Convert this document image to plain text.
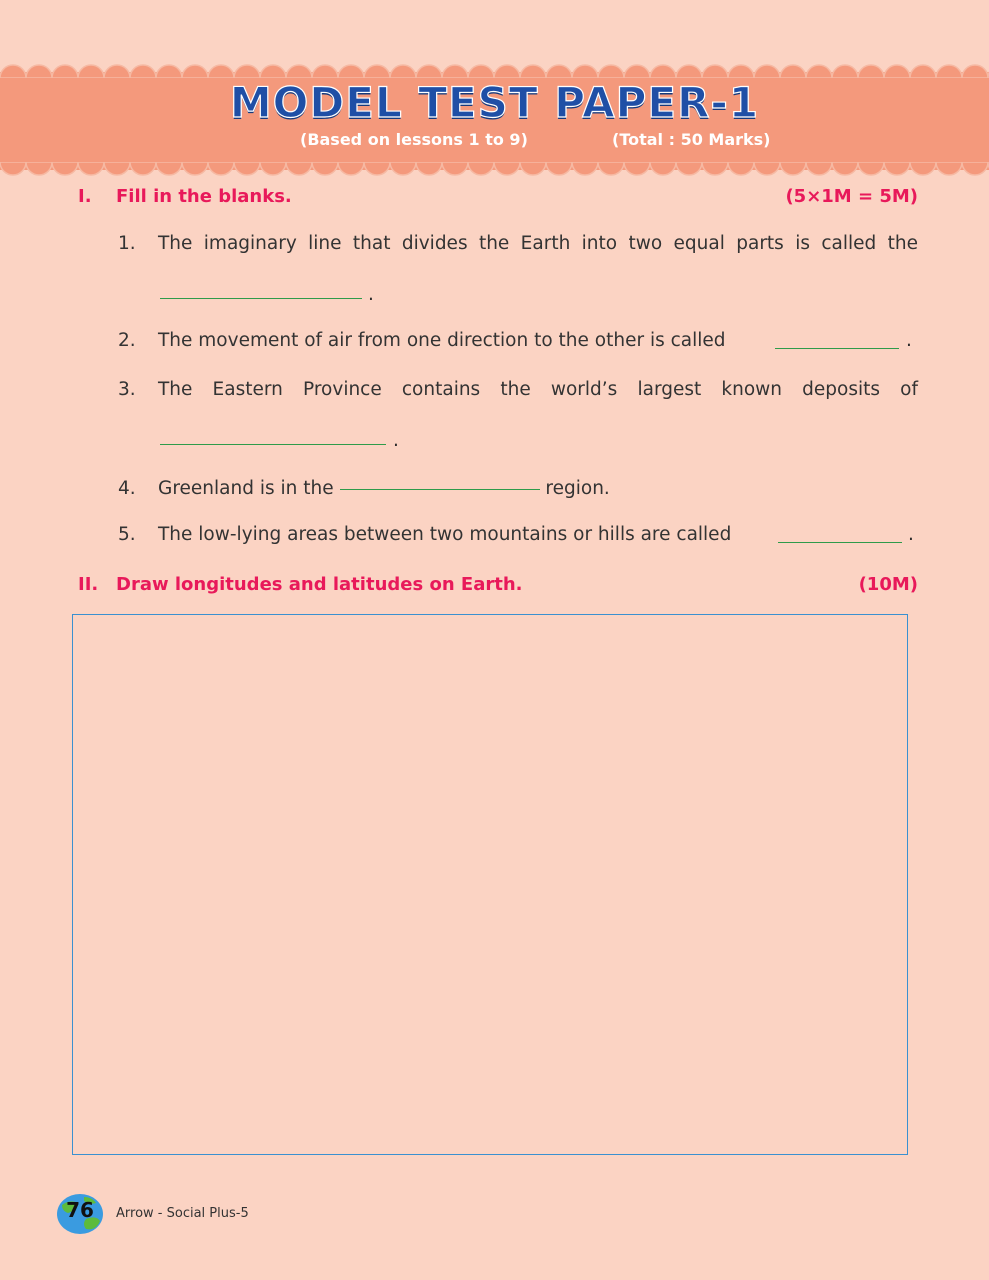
MODEL TEST PAPER-1
(Based on lessons 1 to 9)	(Total : 50 Marks)
I. Fill in the blanks.	(5×1M = 5M)
1. The imaginary line that divides the Earth into two equal parts is called the
.
2. The movement of air from one direction to the other is called	.
3. The Eastern Province contains the world’s largest known deposits of
.
4. Greenland is in the	region.
5. The low-lying areas between two mountains or hills are called	.
II. Draw longitudes and latitudes on Earth.	(10M)
76	Arrow - Social Plus-5
